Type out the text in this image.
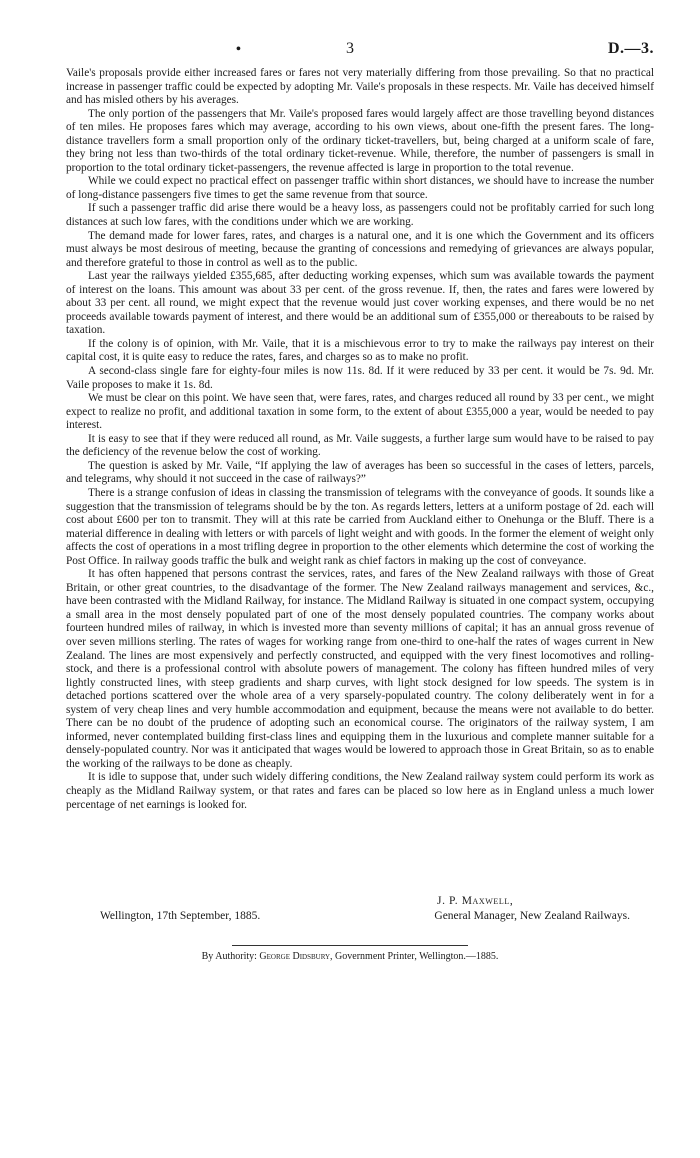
•	3	D.—3.

Vaile's proposals provide either increased fares or fares not very materially differing from those prevailing. So that no practical increase in passenger traffic could be expected by adopting Mr. Vaile's proposals in these respects. Mr. Vaile has deceived himself and has misled others by his averages.

The only portion of the passengers that Mr. Vaile's proposed fares would largely affect are those travelling beyond distances of ten miles. He proposes fares which may average, according to his own views, about one-fifth the present fares. The long-distance travellers form a small proportion only of the ordinary ticket-travellers, but, being charged at a uniform scale of fare, they bring not less than two-thirds of the total ordinary ticket-revenue. While, therefore, the number of passengers is small in proportion to the total ordinary ticket-passengers, the revenue affected is large in proportion to the total revenue.

While we could expect no practical effect on passenger traffic within short distances, we should have to increase the number of long-distance passengers five times to get the same revenue from that source.

If such a passenger traffic did arise there would be a heavy loss, as passengers could not be profitably carried for such long distances at such low fares, with the conditions under which we are working.

The demand made for lower fares, rates, and charges is a natural one, and it is one which the Government and its officers must always be most desirous of meeting, because the granting of concessions and remedying of grievances are always popular, and therefore grateful to those in control as well as to the public.

Last year the railways yielded £355,685, after deducting working expenses, which sum was available towards the payment of interest on the loans. This amount was about 33 per cent. of the gross revenue. If, then, the rates and fares were lowered by about 33 per cent. all round, we might expect that the revenue would just cover working expenses, and there would be no net proceeds available towards payment of interest, and there would be an additional sum of £355,000 or thereabouts to be raised by taxation.

If the colony is of opinion, with Mr. Vaile, that it is a mischievous error to try to make the railways pay interest on their capital cost, it is quite easy to reduce the rates, fares, and charges so as to make no profit.

A second-class single fare for eighty-four miles is now 11s. 8d. If it were reduced by 33 per cent. it would be 7s. 9d. Mr. Vaile proposes to make it 1s. 8d.

We must be clear on this point. We have seen that, were fares, rates, and charges reduced all round by 33 per cent., we might expect to realize no profit, and additional taxation in some form, to the extent of about £355,000 a year, would be needed to pay interest.

It is easy to see that if they were reduced all round, as Mr. Vaile suggests, a further large sum would have to be raised to pay the deficiency of the revenue below the cost of working.

The question is asked by Mr. Vaile, “If applying the law of averages has been so successful in the cases of letters, parcels, and telegrams, why should it not succeed in the case of railways?”

There is a strange confusion of ideas in classing the transmission of telegrams with the conveyance of goods. It sounds like a suggestion that the transmission of telegrams should be by the ton. As regards letters, letters at a uniform postage of 2d. each will cost about £600 per ton to transmit. They will at this rate be carried from Auckland either to Onehunga or the Bluff. There is a material difference in dealing with letters or with parcels of light weight and with goods. In the former the element of weight only affects the cost of operations in a most trifling degree in proportion to the other elements which determine the cost of working the Post Office. In railway goods traffic the bulk and weight rank as chief factors in making up the cost of conveyance.

It has often happened that persons contrast the services, rates, and fares of the New Zealand railways with those of Great Britain, or other great countries, to the disadvantage of the former. The New Zealand railways management and services, &c., have been contrasted with the Midland Railway, for instance. The Midland Railway is situated in one compact system, occupying a small area in the most densely populated part of one of the most densely populated countries. The company works about fourteen hundred miles of railway, in which is invested more than seventy millions of capital; it has an annual gross revenue of over seven millions sterling. The rates of wages for working range from one-third to one-half the rates of wages current in New Zealand. The lines are most expensively and perfectly constructed, and equipped with the very finest locomotives and rolling-stock, and there is a professional control with absolute powers of management. The colony has fifteen hundred miles of very lightly constructed lines, with steep gradients and sharp curves, with light stock designed for low speeds. The system is in detached portions scattered over the whole area of a very sparsely-populated country. The colony deliberately went in for a system of very cheap lines and very humble accommodation and equipment, because the means were not available to do better. There can be no doubt of the prudence of adopting such an economical course. The originators of the railway system, I am informed, never contemplated building first-class lines and equipping them in the luxurious and complete manner suitable for a densely-populated country. Nor was it anticipated that wages would be lowered to approach those in Great Britain, so as to enable the working of the railways to be done as cheaply.

It is idle to suppose that, under such widely differing conditions, the New Zealand railway system could perform its work as cheaply as the Midland Railway system, or that rates and fares can be placed so low here as in England unless a much lower percentage of net earnings is looked for.

J. P. Maxwell,
Wellington, 17th September, 1885.	General Manager, New Zealand Railways.
By Authority: George Didsbury, Government Printer, Wellington.—1885.
